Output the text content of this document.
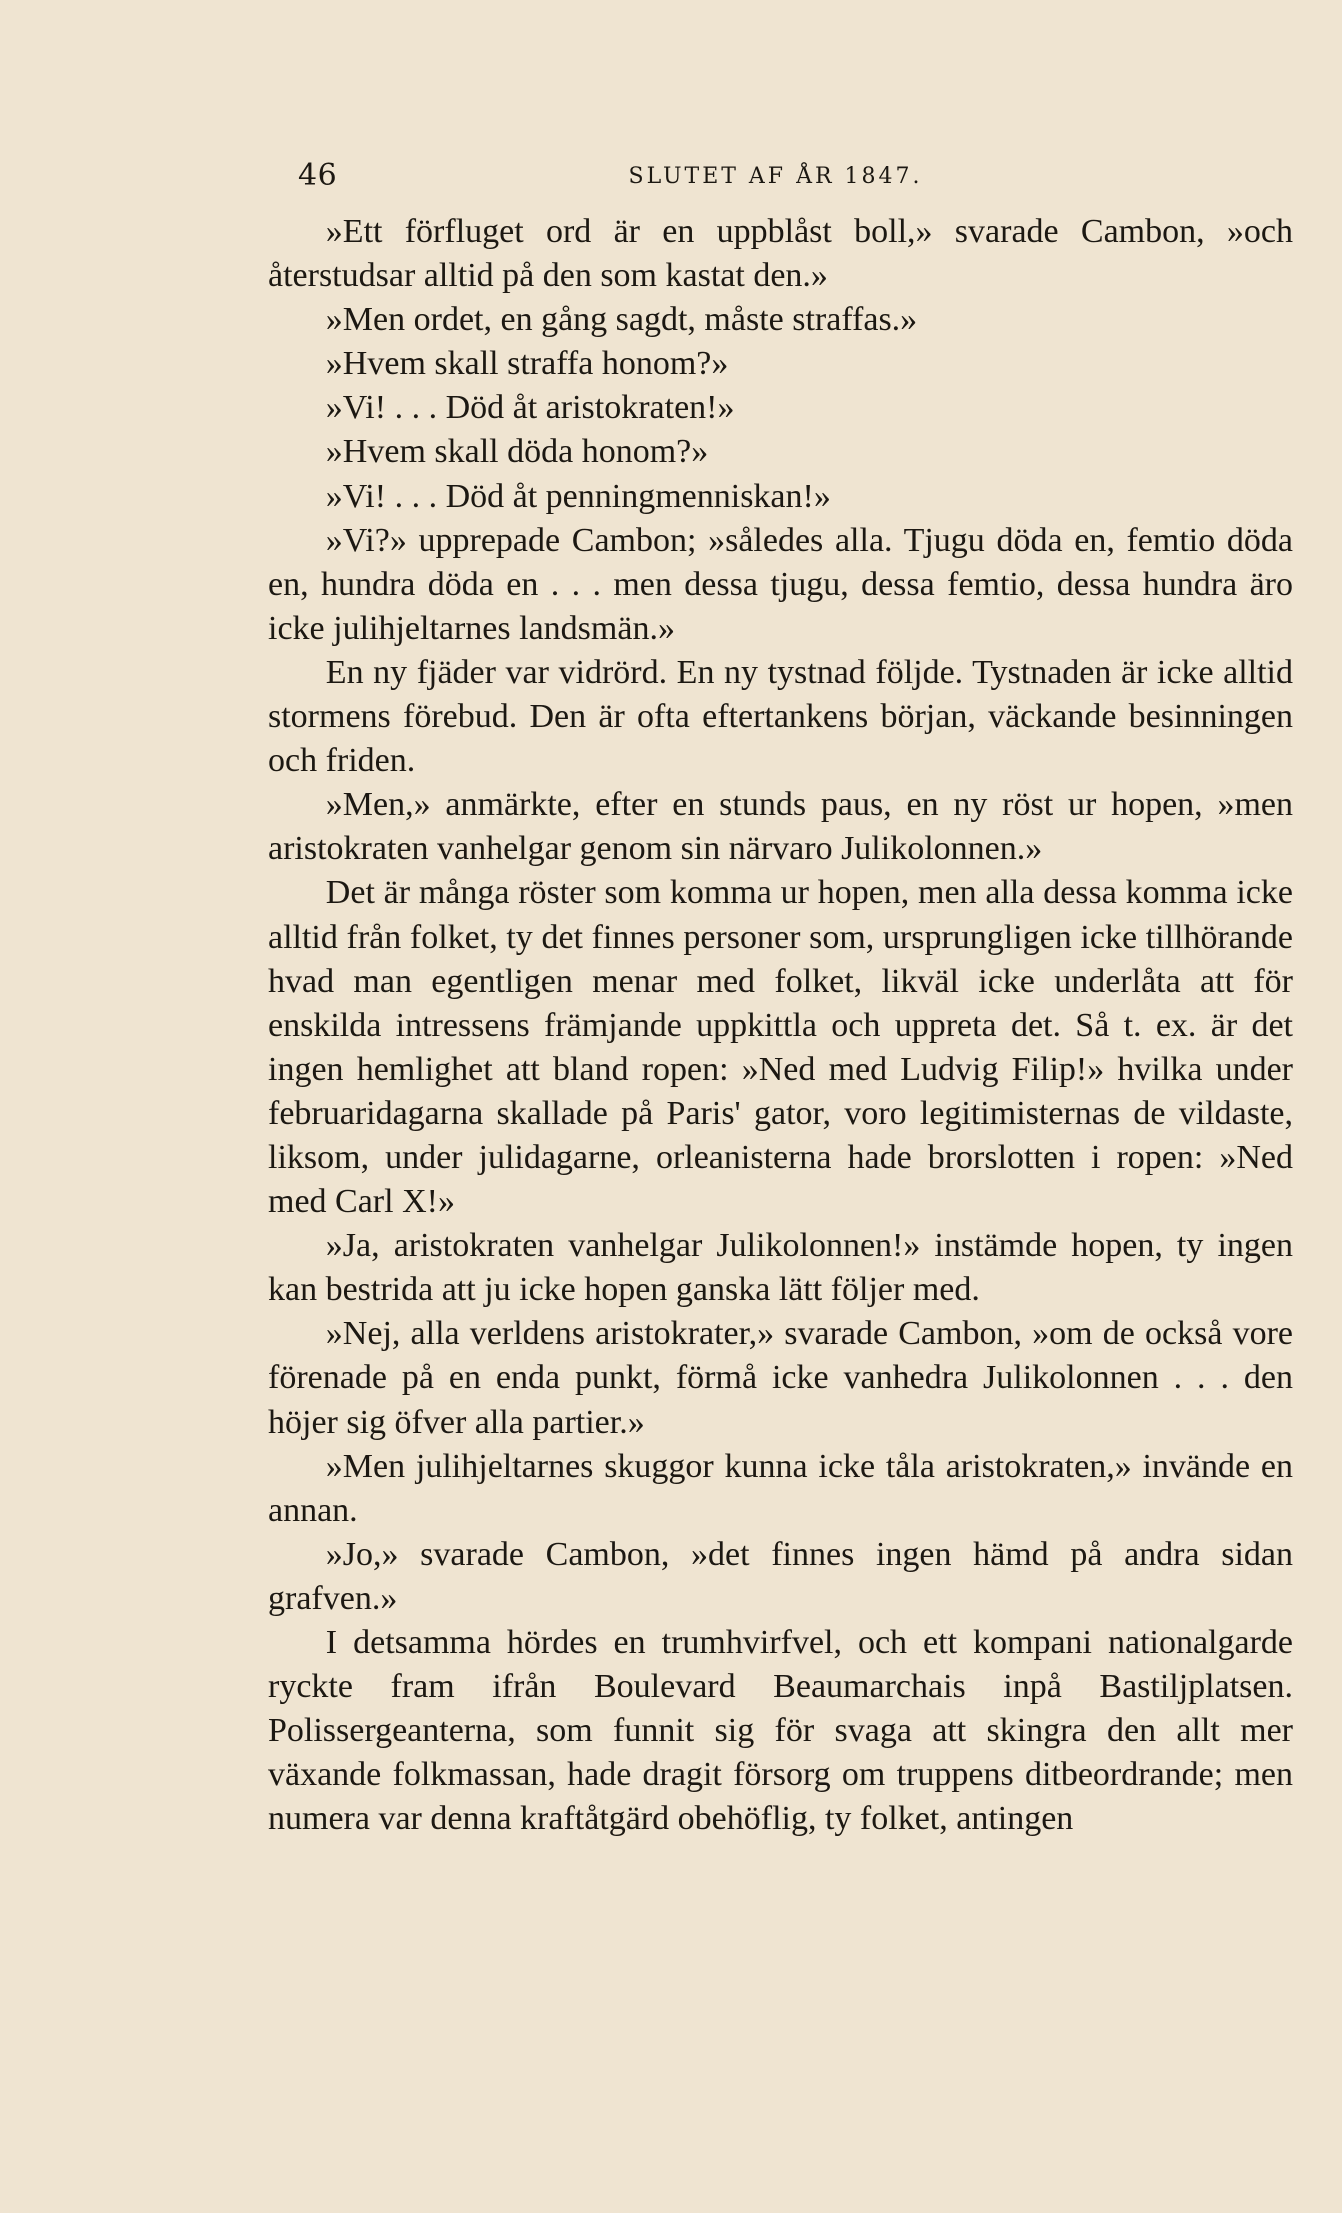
46	SLUTET AF ÅR 1847.

»Ett förfluget ord är en uppblåst boll,» svarade Cambon, »och återstudsar alltid på den som kastat den.»

»Men ordet, en gång sagdt, måste straffas.»

»Hvem skall straffa honom?»

»Vi! . . . Död åt aristokraten!»

»Hvem skall döda honom?»

»Vi! . . . Död åt penningmenniskan!»

»Vi?» upprepade Cambon; »således alla. Tjugu döda en, femtio döda en, hundra döda en . . . men dessa tjugu, dessa femtio, dessa hundra äro icke julihjeltarnes landsmän.»

En ny fjäder var vidrörd. En ny tystnad följde. Tystnaden är icke alltid stormens förebud. Den är ofta eftertankens början, väckande besinningen och friden.

»Men,» anmärkte, efter en stunds paus, en ny röst ur hopen, »men aristokraten vanhelgar genom sin närvaro Julikolonnen.»

Det är många röster som komma ur hopen, men alla dessa komma icke alltid från folket, ty det finnes personer som, ursprungligen icke tillhörande hvad man egentligen menar med folket, likväl icke underlåta att för enskilda intressens främjande uppkittla och uppreta det. Så t. ex. är det ingen hemlighet att bland ropen: »Ned med Ludvig Filip!» hvilka under februaridagarna skallade på Paris' gator, voro legitimisternas de vildaste, liksom, under julidagarne, orleanisterna hade brorslotten i ropen: »Ned med Carl X!»

»Ja, aristokraten vanhelgar Julikolonnen!» instämde hopen, ty ingen kan bestrida att ju icke hopen ganska lätt följer med.

»Nej, alla verldens aristokrater,» svarade Cambon, »om de också vore förenade på en enda punkt, förmå icke vanhedra Julikolonnen . . . den höjer sig öfver alla partier.»

»Men julihjeltarnes skuggor kunna icke tåla aristokraten,» invände en annan.

»Jo,» svarade Cambon, »det finnes ingen hämd på andra sidan grafven.»

I detsamma hördes en trumhvirfvel, och ett kompani nationalgarde ryckte fram ifrån Boulevard Beaumarchais inpå Bastiljplatsen. Polissergeanterna, som funnit sig för svaga att skingra den allt mer växande folkmassan, hade dragit försorg om truppens ditbeordrande; men numera var denna kraftåtgärd obehöflig, ty folket, antingen
